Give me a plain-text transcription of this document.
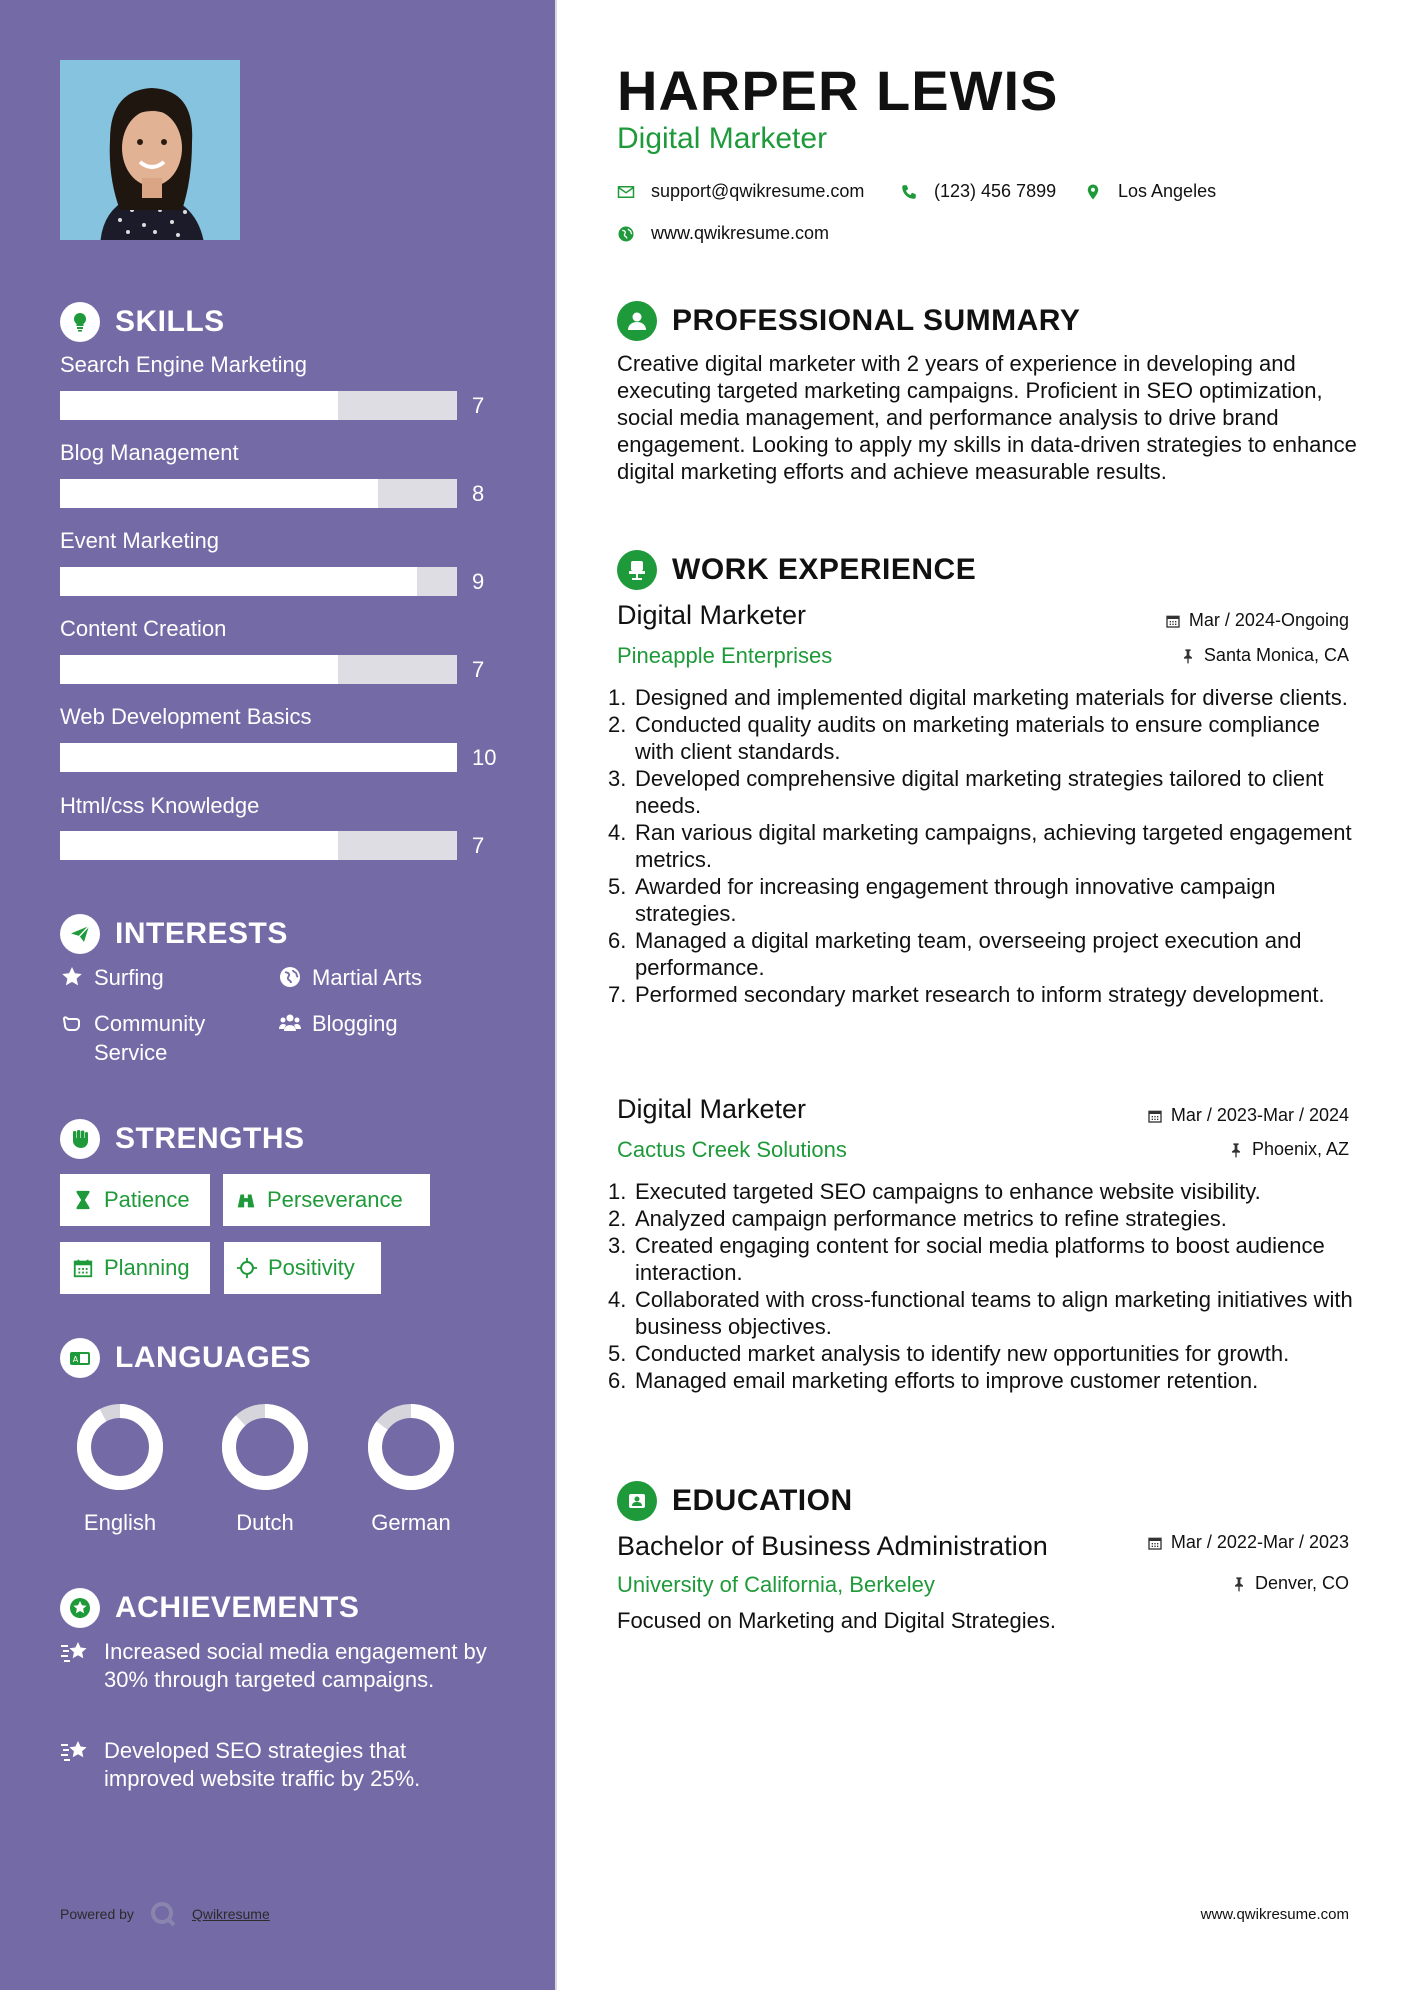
SKILLS
Search Engine Marketing
7
Blog Management
8
Event Marketing
9
Content Creation
7
Web Development Basics
10
Html/css Knowledge
7
INTERESTS
Surfing	Martial Arts
Community Service
Blogging
STRENGTHS
Patience	Perseverance
Planning	Positivity
A LANGUAGES
English	Dutch	German
ACHIEVEMENTS
Increased social media engagement by 30% through targeted campaigns.
Developed SEO strategies that improved website traffic by 25%.
Powered by	Qwikresume
HARPER LEWIS
Digital Marketer
support@qwikresume.com	(123) 456 7899	Los Angeles
www.qwikresume.com
PROFESSIONAL SUMMARY
Creative digital marketer with 2 years of experience in developing and executing targeted marketing campaigns. Proficient in SEO optimization, social media management, and performance analysis to drive brand engagement. Looking to apply my skills in data-driven strategies to enhance digital marketing efforts and achieve measurable results.
WORK EXPERIENCE
Digital Marketer	Mar / 2024-Ongoing
Pineapple Enterprises	Santa Monica, CA
1. Designed and implemented digital marketing materials for diverse clients.
2. Conducted quality audits on marketing materials to ensure compliance with client standards.
3. Developed comprehensive digital marketing strategies tailored to client needs.
4. Ran various digital marketing campaigns, achieving targeted engagement metrics.
5. Awarded for increasing engagement through innovative campaign strategies.
6. Managed a digital marketing team, overseeing project execution and performance.
7. Performed secondary market research to inform strategy development.
Digital Marketer	Mar / 2023-Mar / 2024
Cactus Creek Solutions	Phoenix, AZ
1. Executed targeted SEO campaigns to enhance website visibility.
2. Analyzed campaign performance metrics to refine strategies.
3. Created engaging content for social media platforms to boost audience interaction.
4. Collaborated with cross-functional teams to align marketing initiatives with business objectives.
5. Conducted market analysis to identify new opportunities for growth.
6. Managed email marketing efforts to improve customer retention.
EDUCATION
Bachelor of Business Administration	Mar / 2022-Mar / 2023
University of California, Berkeley	Denver, CO
Focused on Marketing and Digital Strategies.
www.qwikresume.com
